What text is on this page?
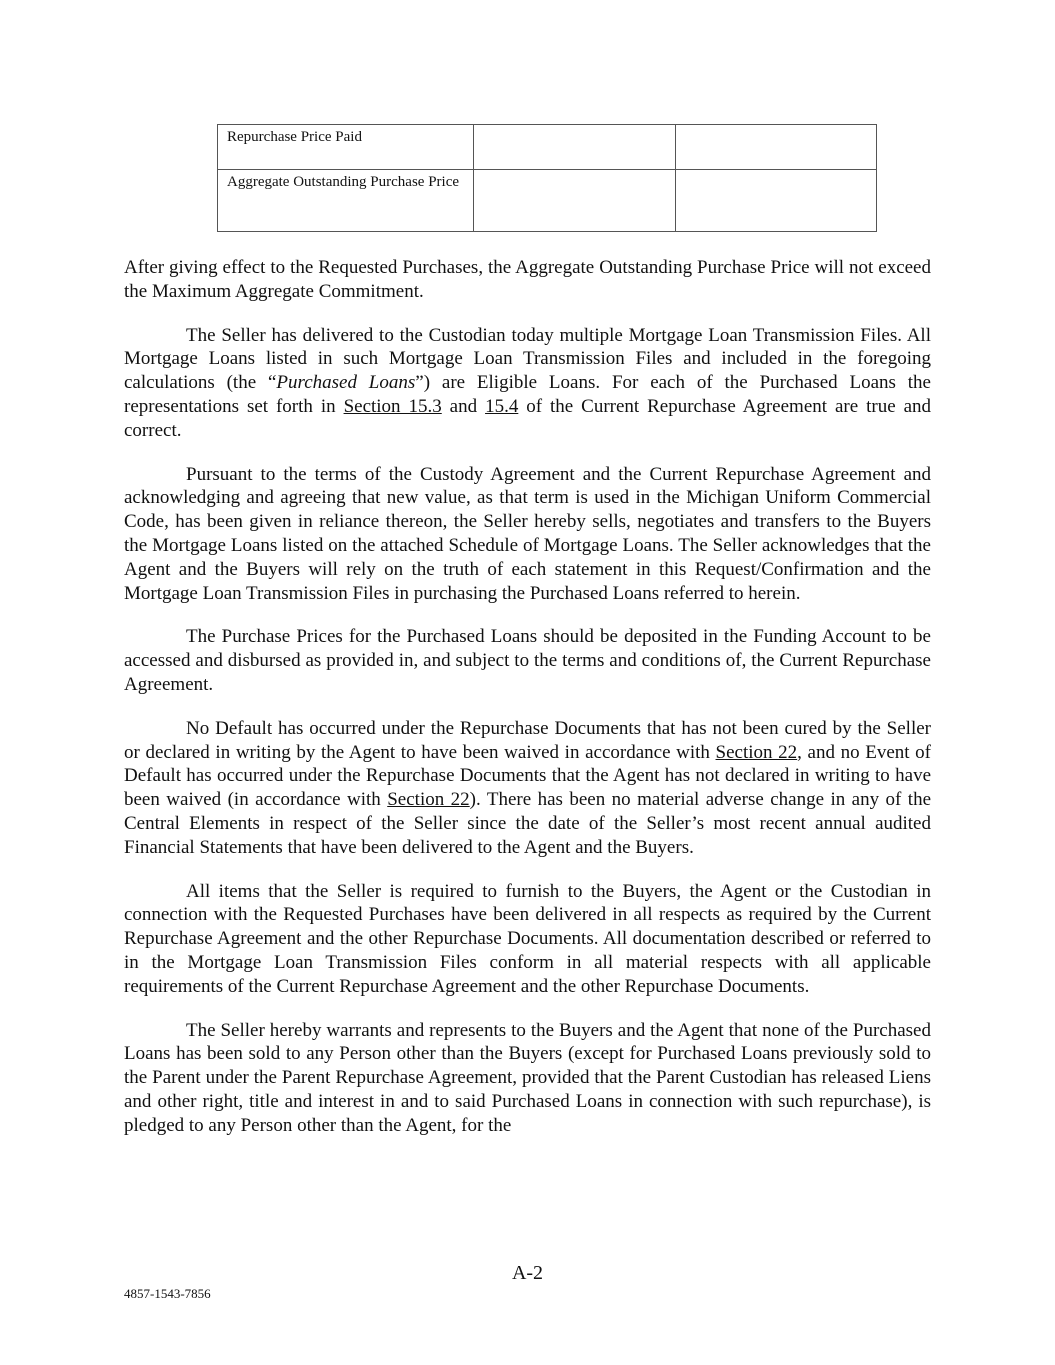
Repurchase Price Paid		
Aggregate Outstanding Purchase Price		

After giving effect to the Requested Purchases, the Aggregate Outstanding Purchase Price will not exceed the Maximum Aggregate Commitment.

The Seller has delivered to the Custodian today multiple Mortgage Loan Transmission Files. All Mortgage Loans listed in such Mortgage Loan Transmission Files and included in the foregoing calculations (the “Purchased Loans”) are Eligible Loans. For each of the Purchased Loans the representations set forth in Section 15.3 and 15.4 of the Current Repurchase Agreement are true and correct.

Pursuant to the terms of the Custody Agreement and the Current Repurchase Agreement and acknowledging and agreeing that new value, as that term is used in the Michigan Uniform Commercial Code, has been given in reliance thereon, the Seller hereby sells, negotiates and transfers to the Buyers the Mortgage Loans listed on the attached Schedule of Mortgage Loans. The Seller acknowledges that the Agent and the Buyers will rely on the truth of each statement in this Request/Confirmation and the Mortgage Loan Transmission Files in purchasing the Purchased Loans referred to herein.

The Purchase Prices for the Purchased Loans should be deposited in the Funding Account to be accessed and disbursed as provided in, and subject to the terms and conditions of, the Current Repurchase Agreement.

No Default has occurred under the Repurchase Documents that has not been cured by the Seller or declared in writing by the Agent to have been waived in accordance with Section 22, and no Event of Default has occurred under the Repurchase Documents that the Agent has not declared in writing to have been waived (in accordance with Section 22). There has been no material adverse change in any of the Central Elements in respect of the Seller since the date of the Seller’s most recent annual audited Financial Statements that have been delivered to the Agent and the Buyers.

All items that the Seller is required to furnish to the Buyers, the Agent or the Custodian in connection with the Requested Purchases have been delivered in all respects as required by the Current Repurchase Agreement and the other Repurchase Documents. All documentation described or referred to in the Mortgage Loan Transmission Files conform in all material respects with all applicable requirements of the Current Repurchase Agreement and the other Repurchase Documents.

The Seller hereby warrants and represents to the Buyers and the Agent that none of the Purchased Loans has been sold to any Person other than the Buyers (except for Purchased Loans previously sold to the Parent under the Parent Repurchase Agreement, provided that the Parent Custodian has released Liens and other right, title and interest in and to said Purchased Loans in connection with such repurchase), is pledged to any Person other than the Agent, for the

A-2
4857-1543-7856
